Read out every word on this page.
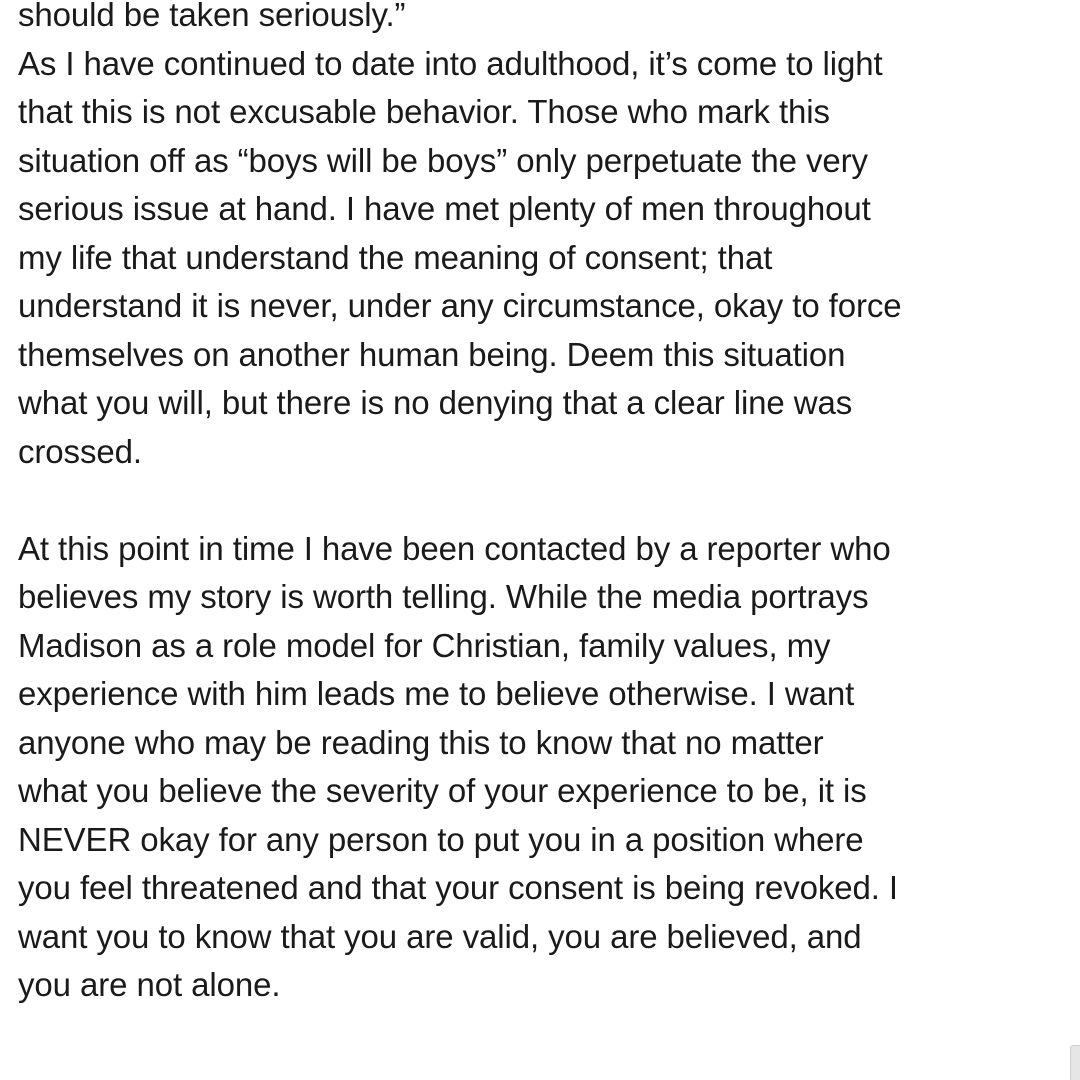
should be taken seriously.”
As I have continued to date into adulthood, it’s come to light
that this is not excusable behavior. Those who mark this
situation off as “boys will be boys” only perpetuate the very
serious issue at hand. I have met plenty of men throughout
my life that understand the meaning of consent; that
understand it is never, under any circumstance, okay to force
themselves on another human being. Deem this situation
what you will, but there is no denying that a clear line was
crossed.
At this point in time I have been contacted by a reporter who
believes my story is worth telling. While the media portrays
Madison as a role model for Christian, family values, my
experience with him leads me to believe otherwise. I want
anyone who may be reading this to know that no matter
what you believe the severity of your experience to be, it is
NEVER okay for any person to put you in a position where
you feel threatened and that your consent is being revoked. I
want you to know that you are valid, you are believed, and
you are not alone.
